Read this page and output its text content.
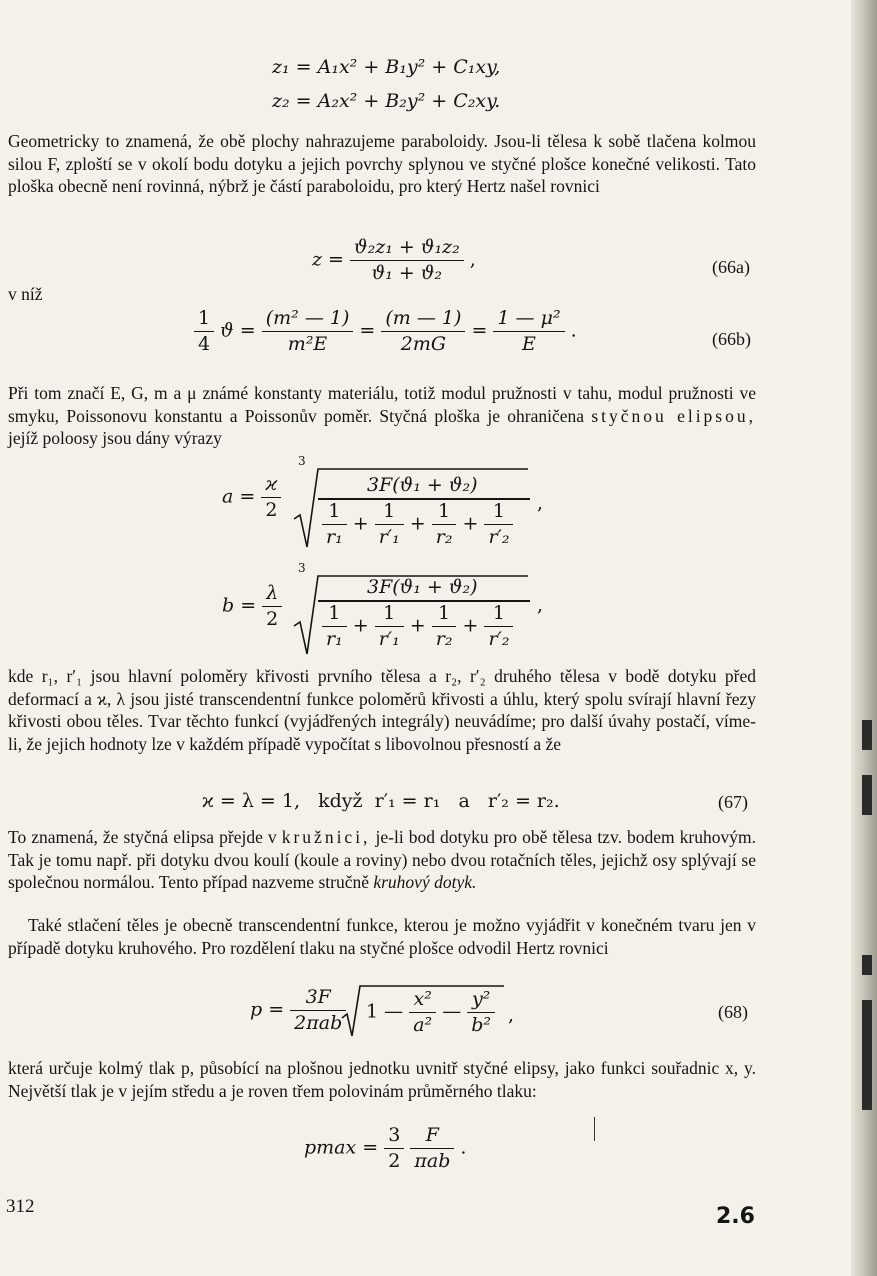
z₁ = A₁x² + B₁y² + C₁xy,
z₂ = A₂x² + B₂y² + C₂xy.
Geometricky to znamená, že obě plochy nahrazujeme paraboloidy. Jsou-li tělesa k sobě tlačena kolmou silou F, zploští se v okolí bodu dotyku a jejich povrchy splynou ve styčné plošce konečné velikosti. Tato ploška obecně není rovinná, nýbrž je částí paraboloidu, pro který Hertz našel rovnici
$z = \frac{\text{ϑ₂z₁ + ϑ₁z₂}}{\text{ϑ₁ + ϑ₂}}$ ,	(66a)
v níž
$\frac{1}{4}$ $ϑ = \frac{\text{(m² — 1)}}{\text{m²E}} = \frac{(m — 1)}{2mG} = \frac{\text{1 — μ²}}{E}$ .	(66b)
Při tom značí E, G, m a μ známé konstanty materiálu, totiž modul pružnosti v tahu, modul pružnosti ve smyku, Poissonovu konstantu a Poissonův poměr. Styčná ploška je ohraničena styčnou elipsou, jejíž poloosy jsou dány výrazy
$a = \frac{ϰ}{2}$
3
3F(ϑ₁ + ϑ₂)
$\frac{1}{\text{r₁}} + \frac{1}{\text{r′₁}} + \frac{1}{\text{r₂}} + \frac{1}{\text{r′₂}}$ ,
$b = \frac{\lambda}{2}$
3
3F(ϑ₁ + ϑ₂)
$\frac{1}{\text{r₁}} + \frac{1}{\text{r′₁}} + \frac{1}{\text{r₂}} + \frac{1}{\text{r′₂}}$ ,
kde r₁, r′₁ jsou hlavní poloměry křivosti prvního tělesa a r₂, r′₂ druhého tělesa v bodě dotyku před deformací a ϰ, λ jsou jisté transcendentní funkce poloměrů křivosti a úhlu, který spolu svírají hlavní řezy křivosti obou těles. Tvar těchto funkcí (vyjádřených integrály) neuvádíme; pro další úvahy postačí, víme-li, že jejich hodnoty lze v každém případě vypočítat s libovolnou přesností a že
ϰ = λ = 1,   když  r′₁ = r₁   a   r′₂ = r₂.	(67)
To znamená, že styčná elipsa přejde v kružnici, je-li bod dotyku pro obě tělesa tzv. bodem kruhovým. Tak je tomu např. při dotyku dvou koulí (koule a roviny) nebo dvou rotačních těles, jejichž osy splývají se společnou normálou. Tento případ nazveme stručně kruhový dotyk.
Také stlačení těles je obecně transcendentní funkce, kterou je možno vyjádřit v konečném tvaru jen v případě dotyku kruhového. Pro rozdělení tlaku na styčné plošce odvodil Hertz rovnici
$p = \frac{3F}{\text{2πab}} 1$ — $\frac{\text{x²}}{\text{a²}}$ — $\frac{\text{y²}}{\text{b²}}$ ,	(68)
která určuje kolmý tlak p, působící na plošnou jednotku uvnitř styčné elipsy, jako funkci souřadnic x, y. Největší tlak je v jejím středu a je roven třem polovinám průměrného tlaku:
$pmax = \frac{3}{2}$
$\frac{F}{\text{πab}}$ .
312	2.6
